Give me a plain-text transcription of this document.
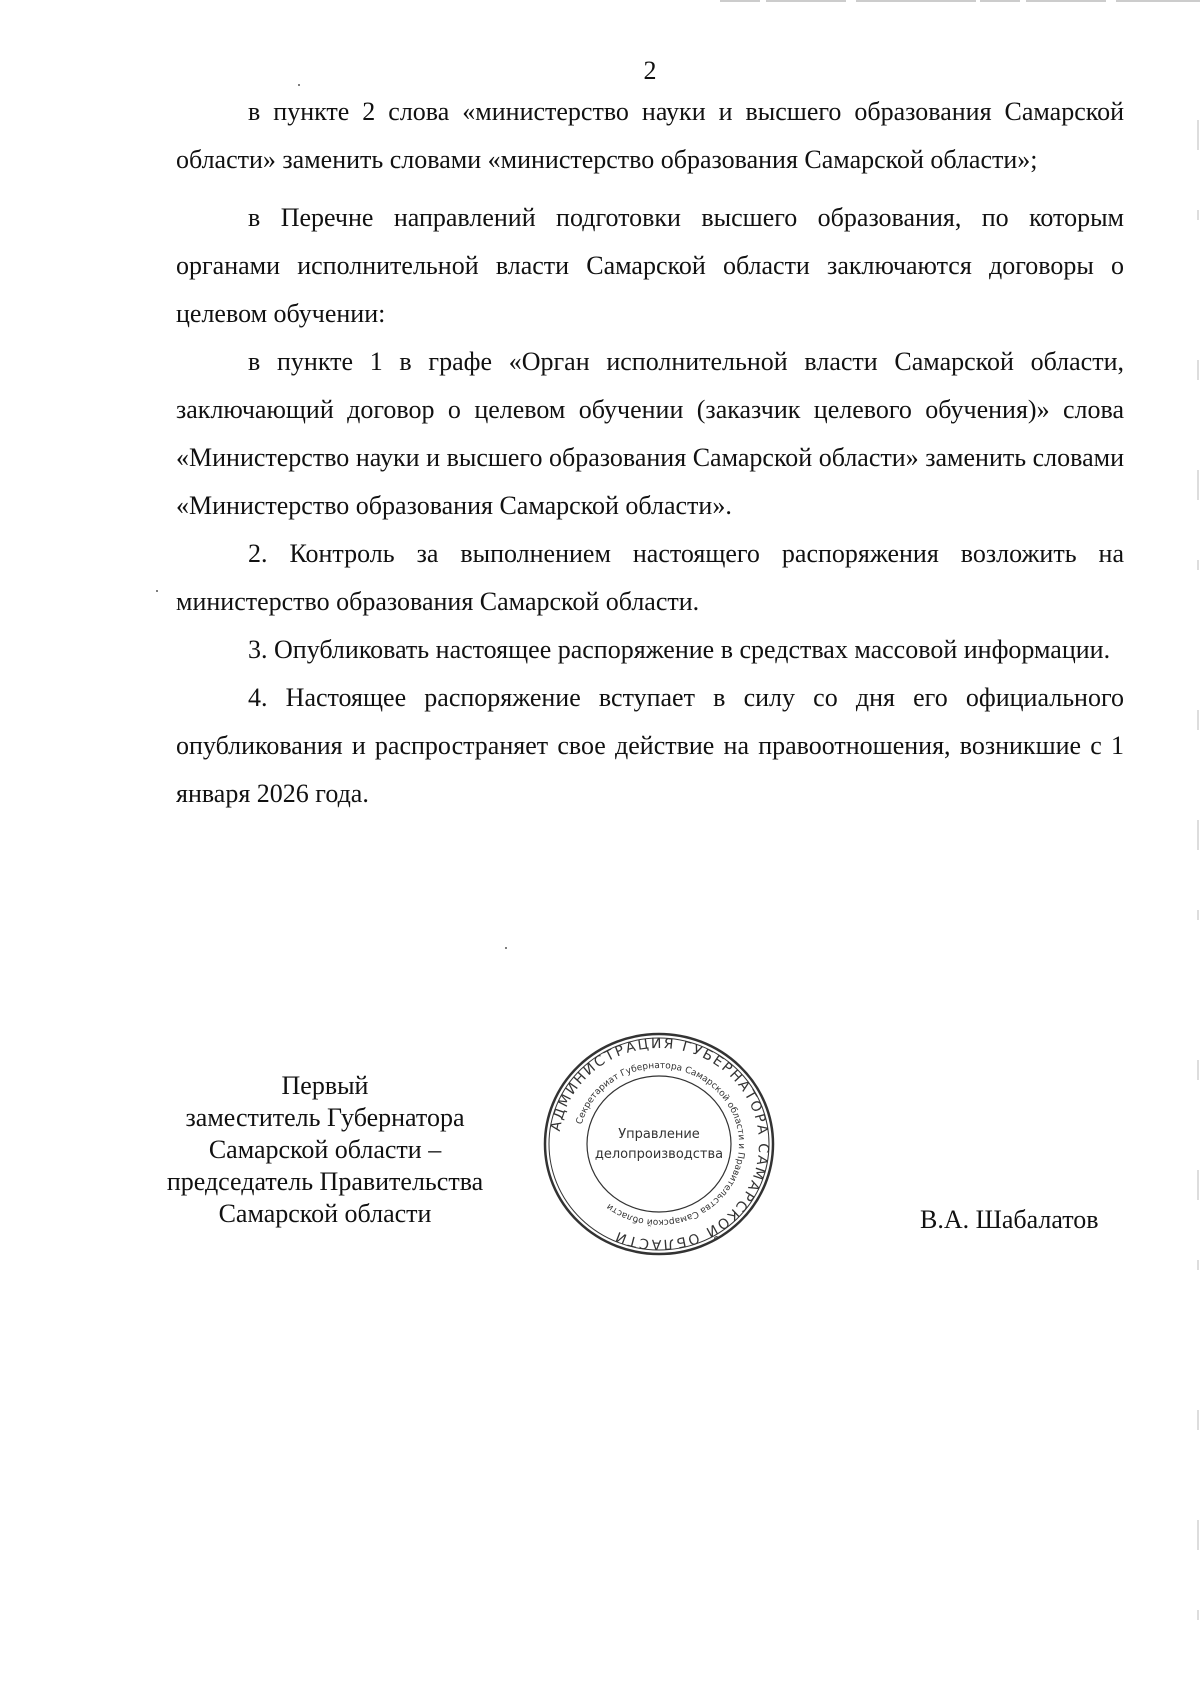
2

в пункте 2 слова «министерство науки и высшего образования Самарской области» заменить словами «министерство образования Самарской области»;

в Перечне направлений подготовки высшего образования, по которым органами исполнительной власти Самарской области заключаются договоры о целевом обучении:

в пункте 1 в графе «Орган исполнительной власти Самарской области, заключающий договор о целевом обучении (заказчик целевого обучения)» слова «Министерство науки и высшего образования Самарской области» заменить словами «Министерство образования Самарской области».

2. Контроль за выполнением настоящего распоряжения возложить на министерство образования Самарской области.

3. Опубликовать настоящее распоряжение в средствах массовой информации.

4. Настоящее распоряжение вступает в силу со дня его официального опубликования и распространяет свое действие на правоотношения, возникшие с 1 января 2026 года.

Первый
заместитель Губернатора
Самарской области –
председатель Правительства
Самарской области
АДМИНИСТРАЦИЯ ГУБЕРНАТОРА САМАРСКОЙ ОБЛАСТИ
Секретариат Губернатора Самарской области и Правительства Самарской области
Управление
делопроизводства
В.А. Шабалатов
